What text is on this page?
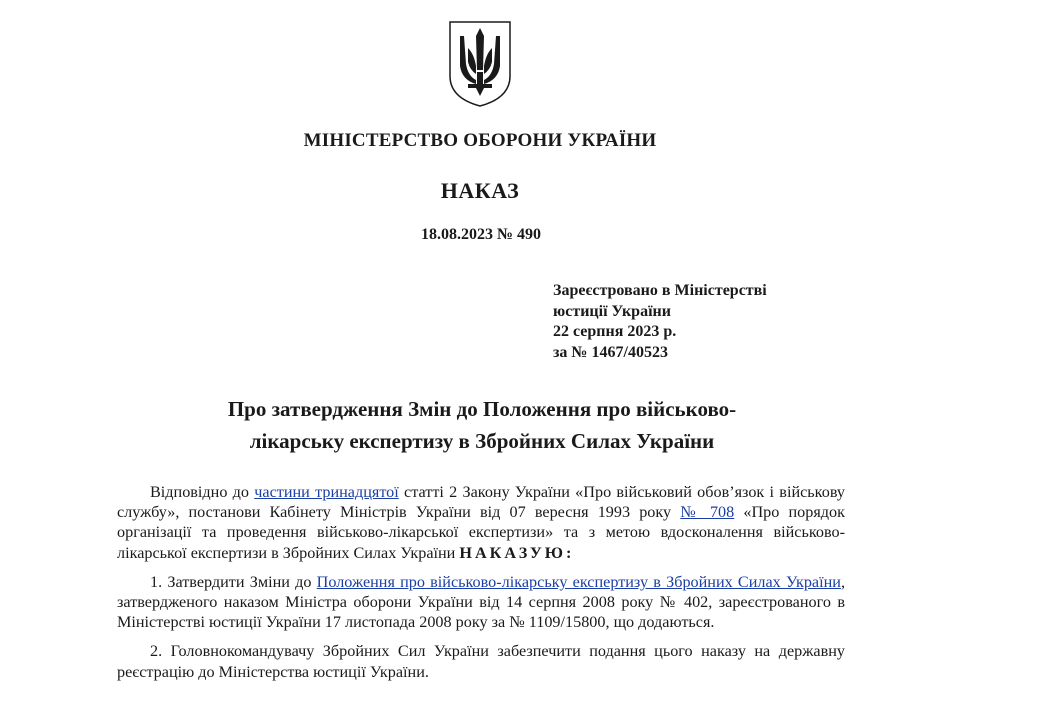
МІНІСТЕРСТВО ОБОРОНИ УКРАЇНИ
НАКАЗ
18.08.2023 № 490
Зареєстровано в Міністерстві
юстиції України
22 серпня 2023 р.
за № 1467/40523
Про затвердження Змін до Положення про військово-
лікарську експертизу в Збройних Силах України

Відповідно до частини тринадцятої статті 2 Закону України «Про військовий обов’язок і військову службу», постанови Кабінету Міністрів України від 07 вересня 1993 року № 708 «Про порядок організації та проведення військово-лікарської експертизи» та з метою вдосконалення військово-лікарської експертизи в Збройних Силах України НАКАЗУЮ:

1. Затвердити Зміни до Положення про військово-лікарську експертизу в Збройних Силах України, затвердженого наказом Міністра оборони України від 14 серпня 2008 року № 402, зареєстрованого в Міністерстві юстиції України 17 листопада 2008 року за № 1109/15800, що додаються.

2. Головнокомандувачу Збройних Сил України забезпечити подання цього наказу на державну реєстрацію до Міністерства юстиції України.
